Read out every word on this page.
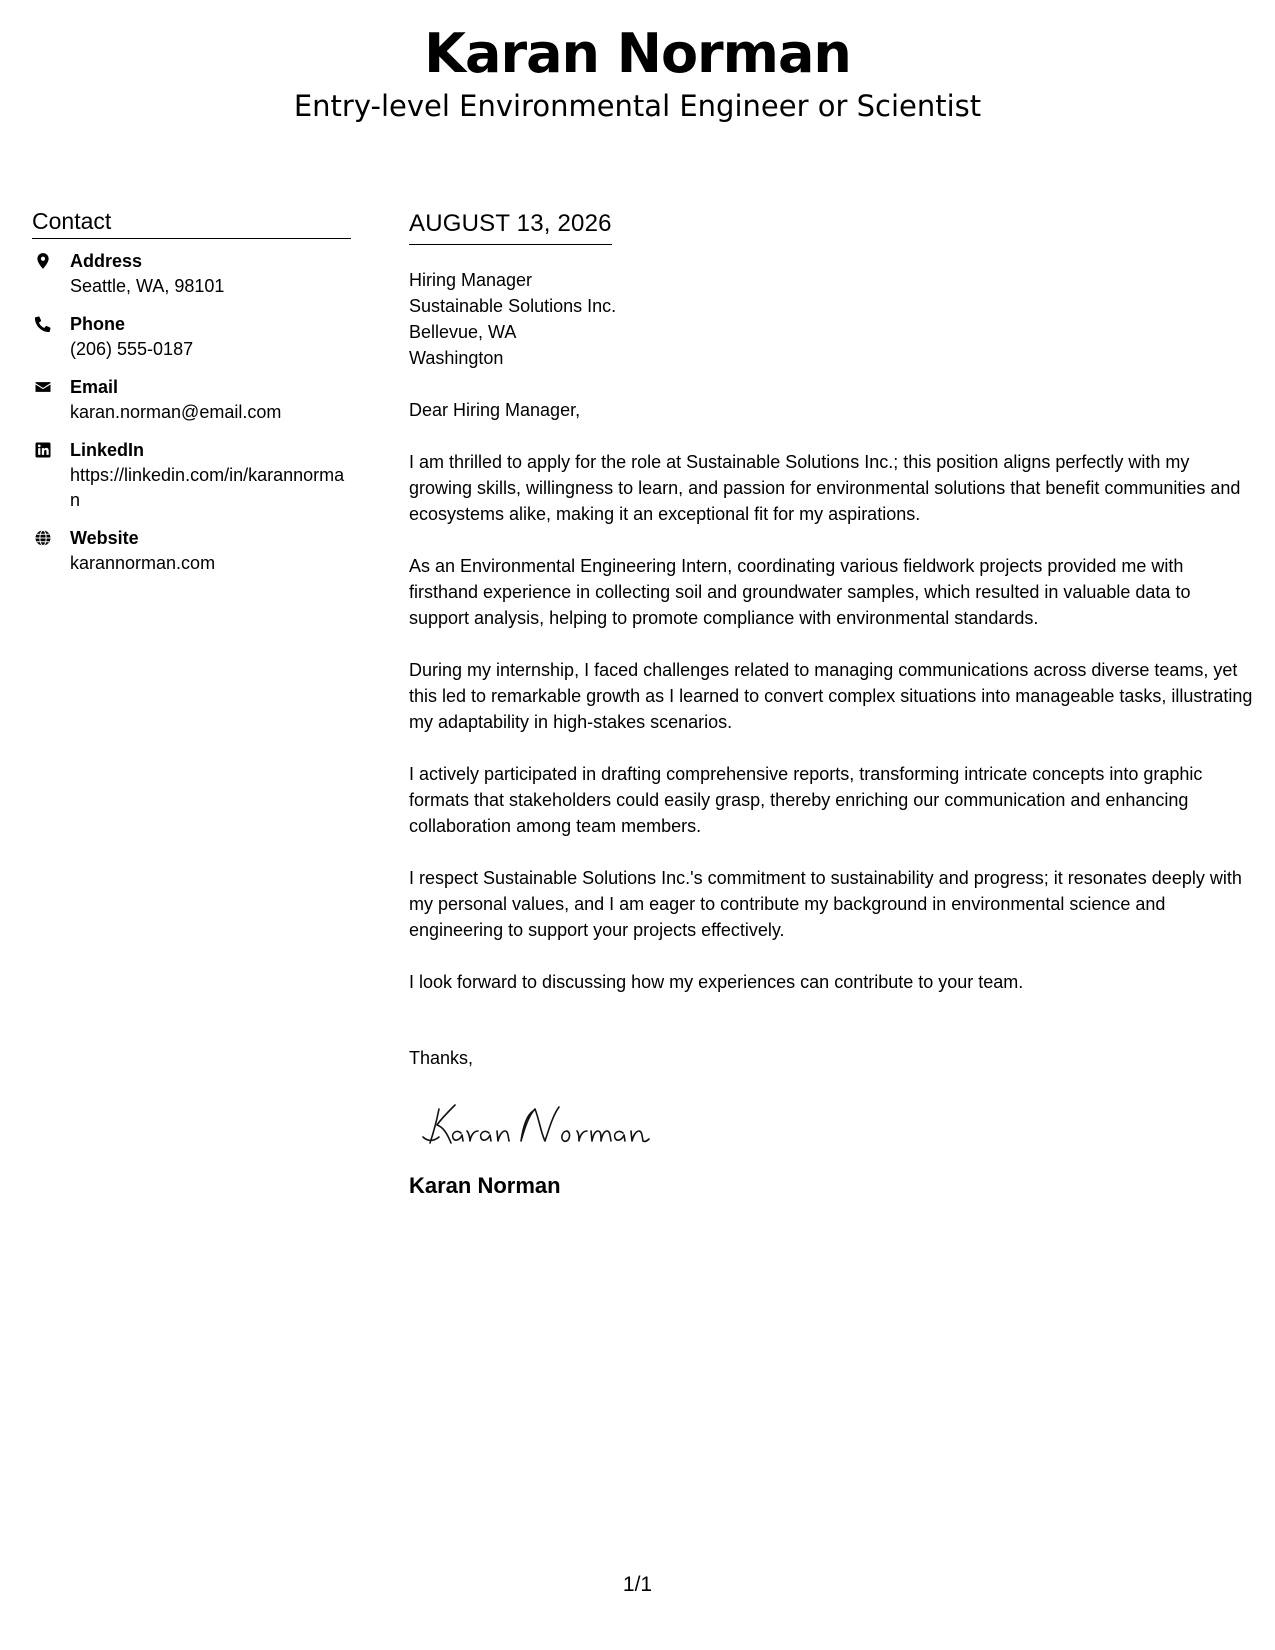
Karan Norman
Entry-level Environmental Engineer or Scientist
Contact
Address
Seattle, WA, 98101
Phone
(206) 555-0187
Email
karan.norman@email.com
LinkedIn
https://linkedin.com/in/karannorman
Website
karannorman.com
AUGUST 13, 2026
Hiring Manager
Sustainable Solutions Inc.
Bellevue, WA
Washington
Dear Hiring Manager,
I am thrilled to apply for the role at Sustainable Solutions Inc.; this position aligns perfectly with my growing skills, willingness to learn, and passion for environmental solutions that benefit communities and ecosystems alike, making it an exceptional fit for my aspirations.
As an Environmental Engineering Intern, coordinating various fieldwork projects provided me with firsthand experience in collecting soil and groundwater samples, which resulted in valuable data to support analysis, helping to promote compliance with environmental standards.
During my internship, I faced challenges related to managing communications across diverse teams, yet this led to remarkable growth as I learned to convert complex situations into manageable tasks, illustrating my adaptability in high-stakes scenarios.
I actively participated in drafting comprehensive reports, transforming intricate concepts into graphic formats that stakeholders could easily grasp, thereby enriching our communication and enhancing collaboration among team members.
I respect Sustainable Solutions Inc.'s commitment to sustainability and progress; it resonates deeply with my personal values, and I am eager to contribute my background in environmental science and engineering to support your projects effectively.
I look forward to discussing how my experiences can contribute to your team.
Thanks,
Karan Norman
1/1
